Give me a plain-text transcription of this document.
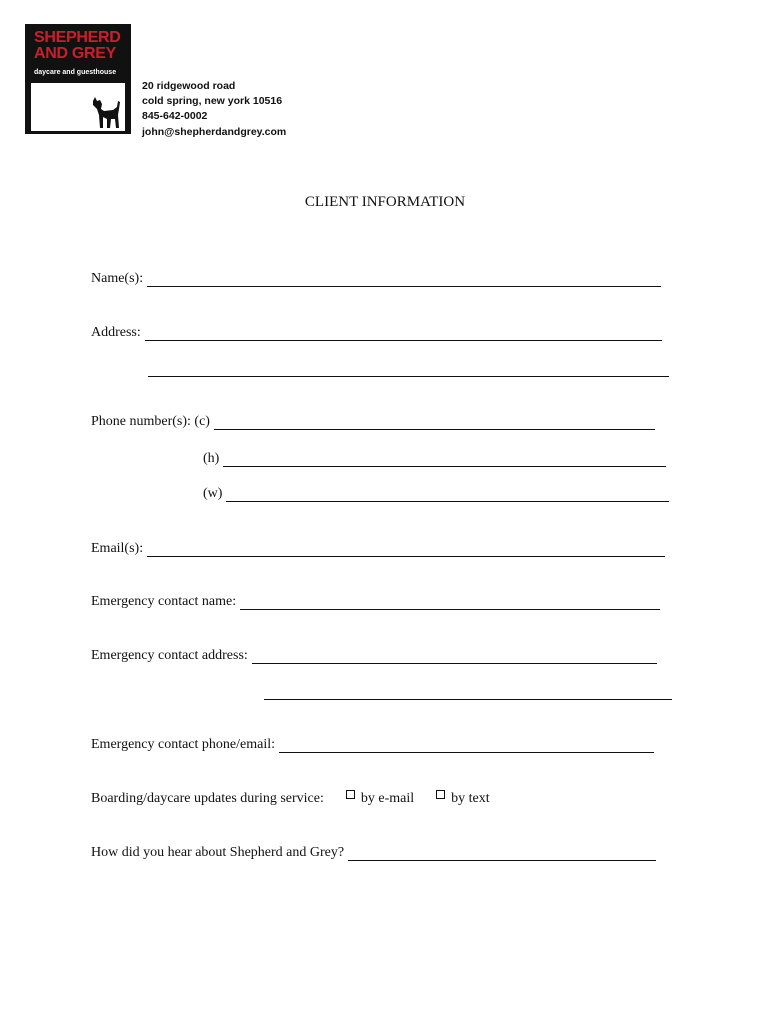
SHEPHERD
AND GREY
daycare and guesthouse
20 ridgewood road
cold spring, new york 10516
845-642-0002
john@shepherdandgrey.com
CLIENT INFORMATION
Name(s):
Address:
Phone number(s): (c)
(h)
(w)
Email(s):
Emergency contact name:
Emergency contact address:
Emergency contact phone/email:
Boarding/daycare updates during service:	by e-mail	by text
How did you hear about Shepherd and Grey?
